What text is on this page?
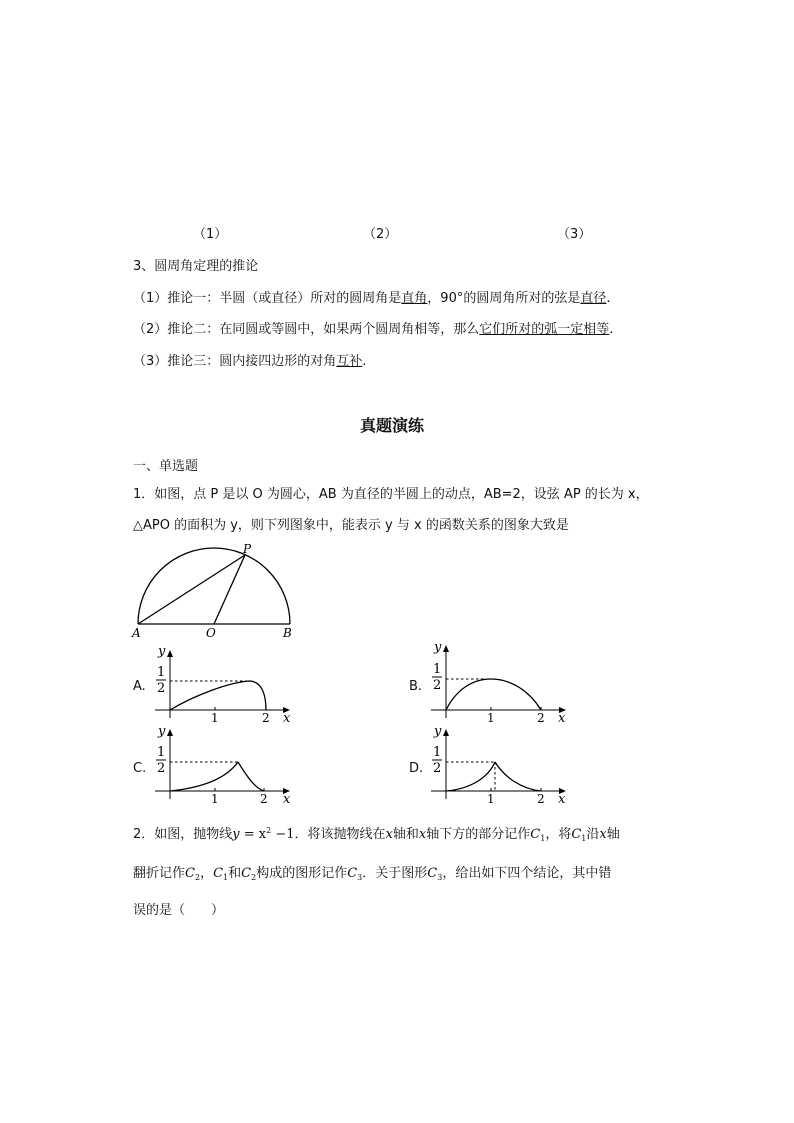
（1）	（2）	（3）
3、圆周角定理的推论
（1）推论一：半圆（或直径）所对的圆周角是直角，90°的圆周角所对的弦是直径.
（2）推论二：在同圆或等圆中，如果两个圆周角相等，那么它们所对的弧一定相等.
（3）推论三：圆内接四边形的对角互补.
真题演练
一、单选题
1．如图，点 P 是以 O 为圆心，AB 为直径的半圆上的动点，AB=2，设弦 AP 的长为 x，
△APO 的面积为 y，则下列图象中，能表示 y 与 x 的函数关系的图象大致是
A	O	B
P
A.
y
x
1
2
1	2
B.
y
x
1
2
1	2
C.
y
x
1
2
1	2
D.
y
x
1
2
1	2
2．如图，抛物线$y = x^2 -1$．将该抛物线在x轴和x轴下方的部分记作$C_1$，将$C_1$沿x轴
翻折记作$C_2$，$C_1$和$C_2$构成的图形记作$C_3$．关于图形$C_3$，给出如下四个结论，其中错
误的是（　　）
